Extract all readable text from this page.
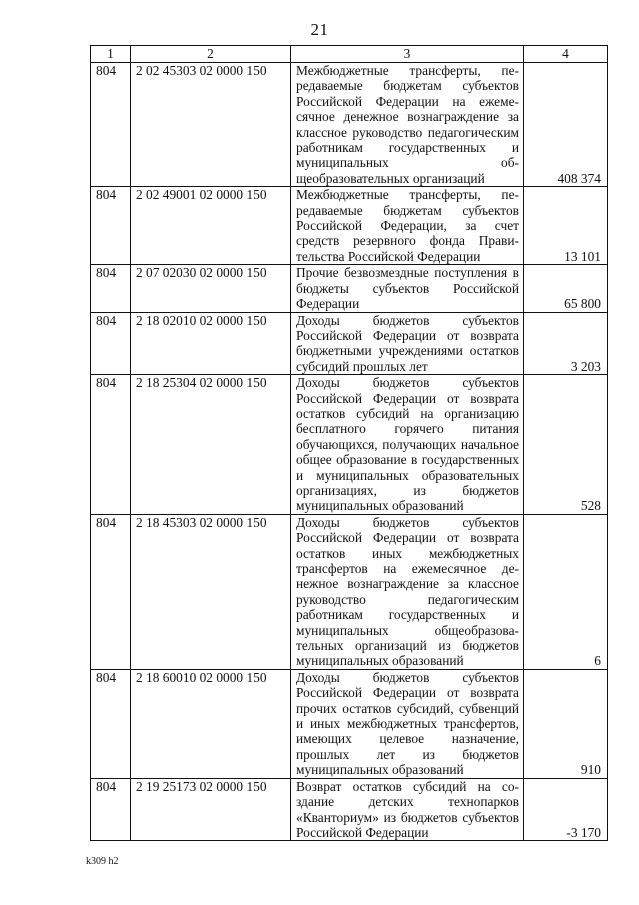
21
1	2	3	4
804	2 02 45303 02 0000 150	Межбюджетные трансферты, передаваемые бюджетам субъектов Российской Федерации на ежемесячное денежное вознаграждение за классное руководство педагогическим работникам государственных и муниципальных общеобразовательных организаций	408 374
804	2 02 49001 02 0000 150	Межбюджетные трансферты, передаваемые бюджетам субъектов Российской Федерации, за счет средств резервного фонда Правительства Российской Федерации	13 101
804	2 07 02030 02 0000 150	Прочие безвозмездные поступления в бюджеты субъектов Российской Федерации	65 800
804	2 18 02010 02 0000 150	Доходы бюджетов субъектов Российской Федерации от возврата бюджетными учреждениями остатков субсидий прошлых лет	3 203
804	2 18 25304 02 0000 150	Доходы бюджетов субъектов Российской Федерации от возврата остатков субсидий на организацию бесплатного горячего питания обучающихся, получающих начальное общее образование в государственных и муниципальных образовательных организациях, из бюджетов муниципальных образований	528
804	2 18 45303 02 0000 150	Доходы бюджетов субъектов Российской Федерации от возврата остатков иных межбюджетных трансфертов на ежемесячное денежное вознаграждение за классное руководство педагогическим работникам государственных и муниципальных общеобразовательных организаций из бюджетов муниципальных образований	6
804	2 18 60010 02 0000 150	Доходы бюджетов субъектов Российской Федерации от возврата прочих остатков субсидий, субвенций и иных межбюджетных трансфертов, имеющих целевое назначение, прошлых лет из бюджетов муниципальных образований	910
804	2 19 25173 02 0000 150	Возврат остатков субсидий на создание детских технопарков «Кванториум» из бюджетов субъектов Российской Федерации	-3 170
k309 h2
